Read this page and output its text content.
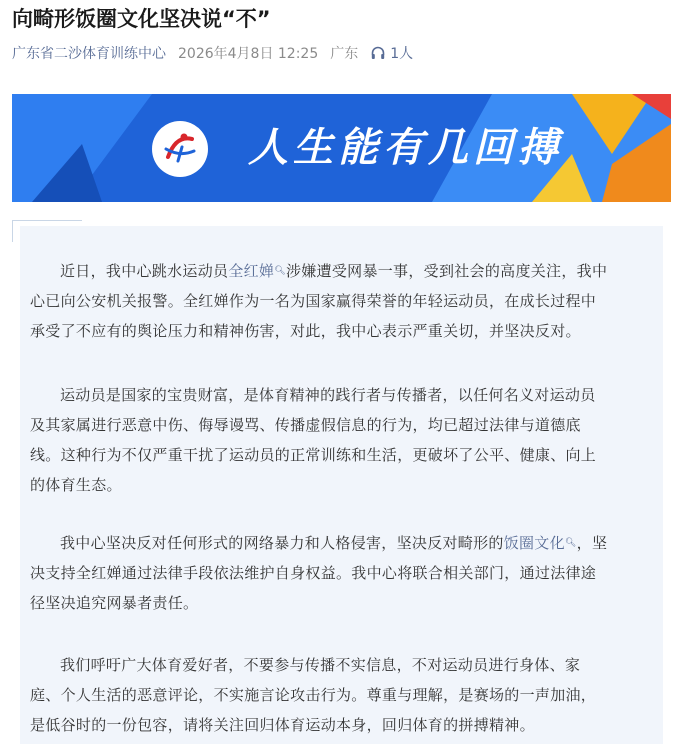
向畸形饭圈文化坚决说“不”
广东省二沙体育训练中心 2026年4月8日 12:25 广东 1人
人生能有几回搏
近日，我中心跳水运动员全红婵🔍︎涉嫌遭受网暴一事，受到社会的高度关注，我中
心已向公安机关报警。全红婵作为一名为国家赢得荣誉的年轻运动员，在成长过程中
承受了不应有的舆论压力和精神伤害，对此，我中心表示严重关切，并坚决反对。
运动员是国家的宝贵财富，是体育精神的践行者与传播者，以任何名义对运动员
及其家属进行恶意中伤、侮辱谩骂、传播虚假信息的行为，均已超过法律与道德底
线。这种行为不仅严重干扰了运动员的正常训练和生活，更破坏了公平、健康、向上
的体育生态。
我中心坚决反对任何形式的网络暴力和人格侵害，坚决反对畸形的饭圈文化🔍︎，坚
决支持全红婵通过法律手段依法维护自身权益。我中心将联合相关部门，通过法律途
径坚决追究网暴者责任。
我们呼吁广大体育爱好者，不要参与传播不实信息，不对运动员进行身体、家
庭、个人生活的恶意评论，不实施言论攻击行为。尊重与理解，是赛场的一声加油，
是低谷时的一份包容，请将关注回归体育运动本身，回归体育的拼搏精神。
